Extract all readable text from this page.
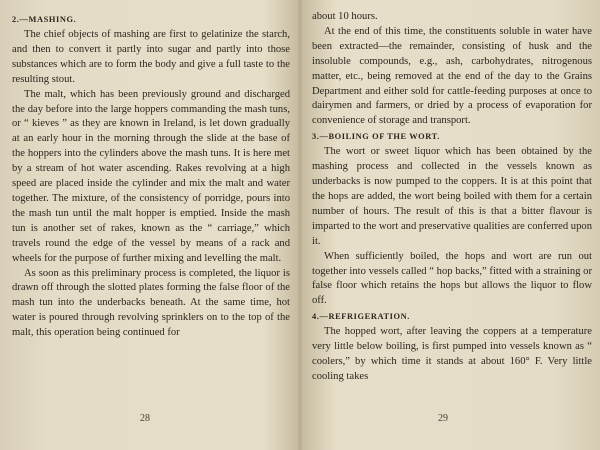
2.—MASHING.

The chief objects of mashing are first to gelatinize the starch, and then to convert it partly into sugar and partly into those substances which are to form the body and give a full taste to the resulting stout.

The malt, which has been previously ground and discharged the day before into the large hoppers commanding the mash tuns, or “ kieves ” as they are known in Ireland, is let down gradually at an early hour in the morning through the slide at the base of the hoppers into the cylinders above the mash tuns. It is here met by a stream of hot water ascending. Rakes revolving at a high speed are placed inside the cylinder and mix the malt and water together. The mixture, of the consistency of porridge, pours into the mash tun until the malt hopper is emptied. Inside the mash tun is another set of rakes, known as the “ carriage,” which travels round the edge of the vessel by means of a rack and wheels for the purpose of further mixing and levelling the malt.

As soon as this preliminary process is completed, the liquor is drawn off through the slotted plates forming the false floor of the mash tun into the underbacks beneath. At the same time, hot water is poured through revolving sprinklers on to the top of the malt, this operation being continued for

28

about 10 hours.

At the end of this time, the constituents soluble in water have been extracted—the remainder, consisting of husk and the insoluble compounds, e.g., ash, carbohydrates, nitrogenous matter, etc., being removed at the end of the day to the Grains Department and either sold for cattle-feeding purposes at once to dairymen and farmers, or dried by a process of evaporation for convenience of storage and transport.

3.—BOILING OF THE WORT.

The wort or sweet liquor which has been obtained by the mashing process and collected in the vessels known as underbacks is now pumped to the coppers. It is at this point that the hops are added, the wort being boiled with them for a certain number of hours. The result of this is that a bitter flavour is imparted to the wort and preservative qualities are conferred upon it.

When sufficiently boiled, the hops and wort are run out together into vessels called “ hop backs,” fitted with a straining or false floor which retains the hops but allows the liquor to flow off.

4.—REFRIGERATION.

The hopped wort, after leaving the coppers at a temperature very little below boiling, is first pumped into vessels known as “ coolers,” by which time it stands at about 160° F. Very little cooling takes

29
